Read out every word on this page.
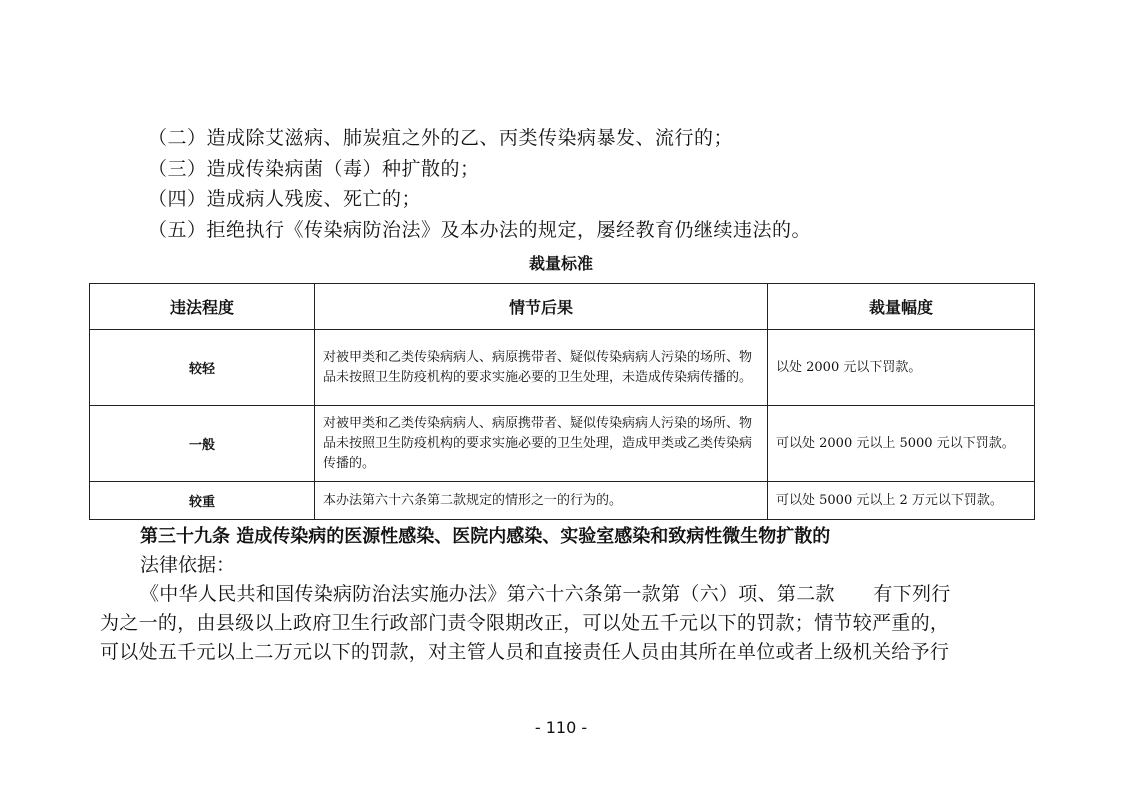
（二）造成除艾滋病、肺炭疽之外的乙、丙类传染病暴发、流行的；
（三）造成传染病菌（毒）种扩散的；
（四）造成病人残废、死亡的；
（五）拒绝执行《传染病防治法》及本办法的规定，屡经教育仍继续违法的。
裁量标准
违法程度	情节后果	裁量幅度
较轻	对被甲类和乙类传染病病人、病原携带者、疑似传染病病人污染的场所、物品未按照卫生防疫机构的要求实施必要的卫生处理，未造成传染病传播的。	以处 2000 元以下罚款。
一般	对被甲类和乙类传染病病人、病原携带者、疑似传染病病人污染的场所、物品未按照卫生防疫机构的要求实施必要的卫生处理，造成甲类或乙类传染病传播的。	可以处 2000 元以上 5000 元以下罚款。
较重	本办法第六十六条第二款规定的情形之一的行为的。	可以处 5000 元以上 2 万元以下罚款。
第三十九条 造成传染病的医源性感染、医院内感染、实验室感染和致病性微生物扩散的
法律依据：
《中华人民共和国传染病防治法实施办法》第六十六条第一款第（六）项、第二款　　有下列行
为之一的，由县级以上政府卫生行政部门责令限期改正，可以处五千元以下的罚款；情节较严重的，
可以处五千元以上二万元以下的罚款，对主管人员和直接责任人员由其所在单位或者上级机关给予行
- 110 -
